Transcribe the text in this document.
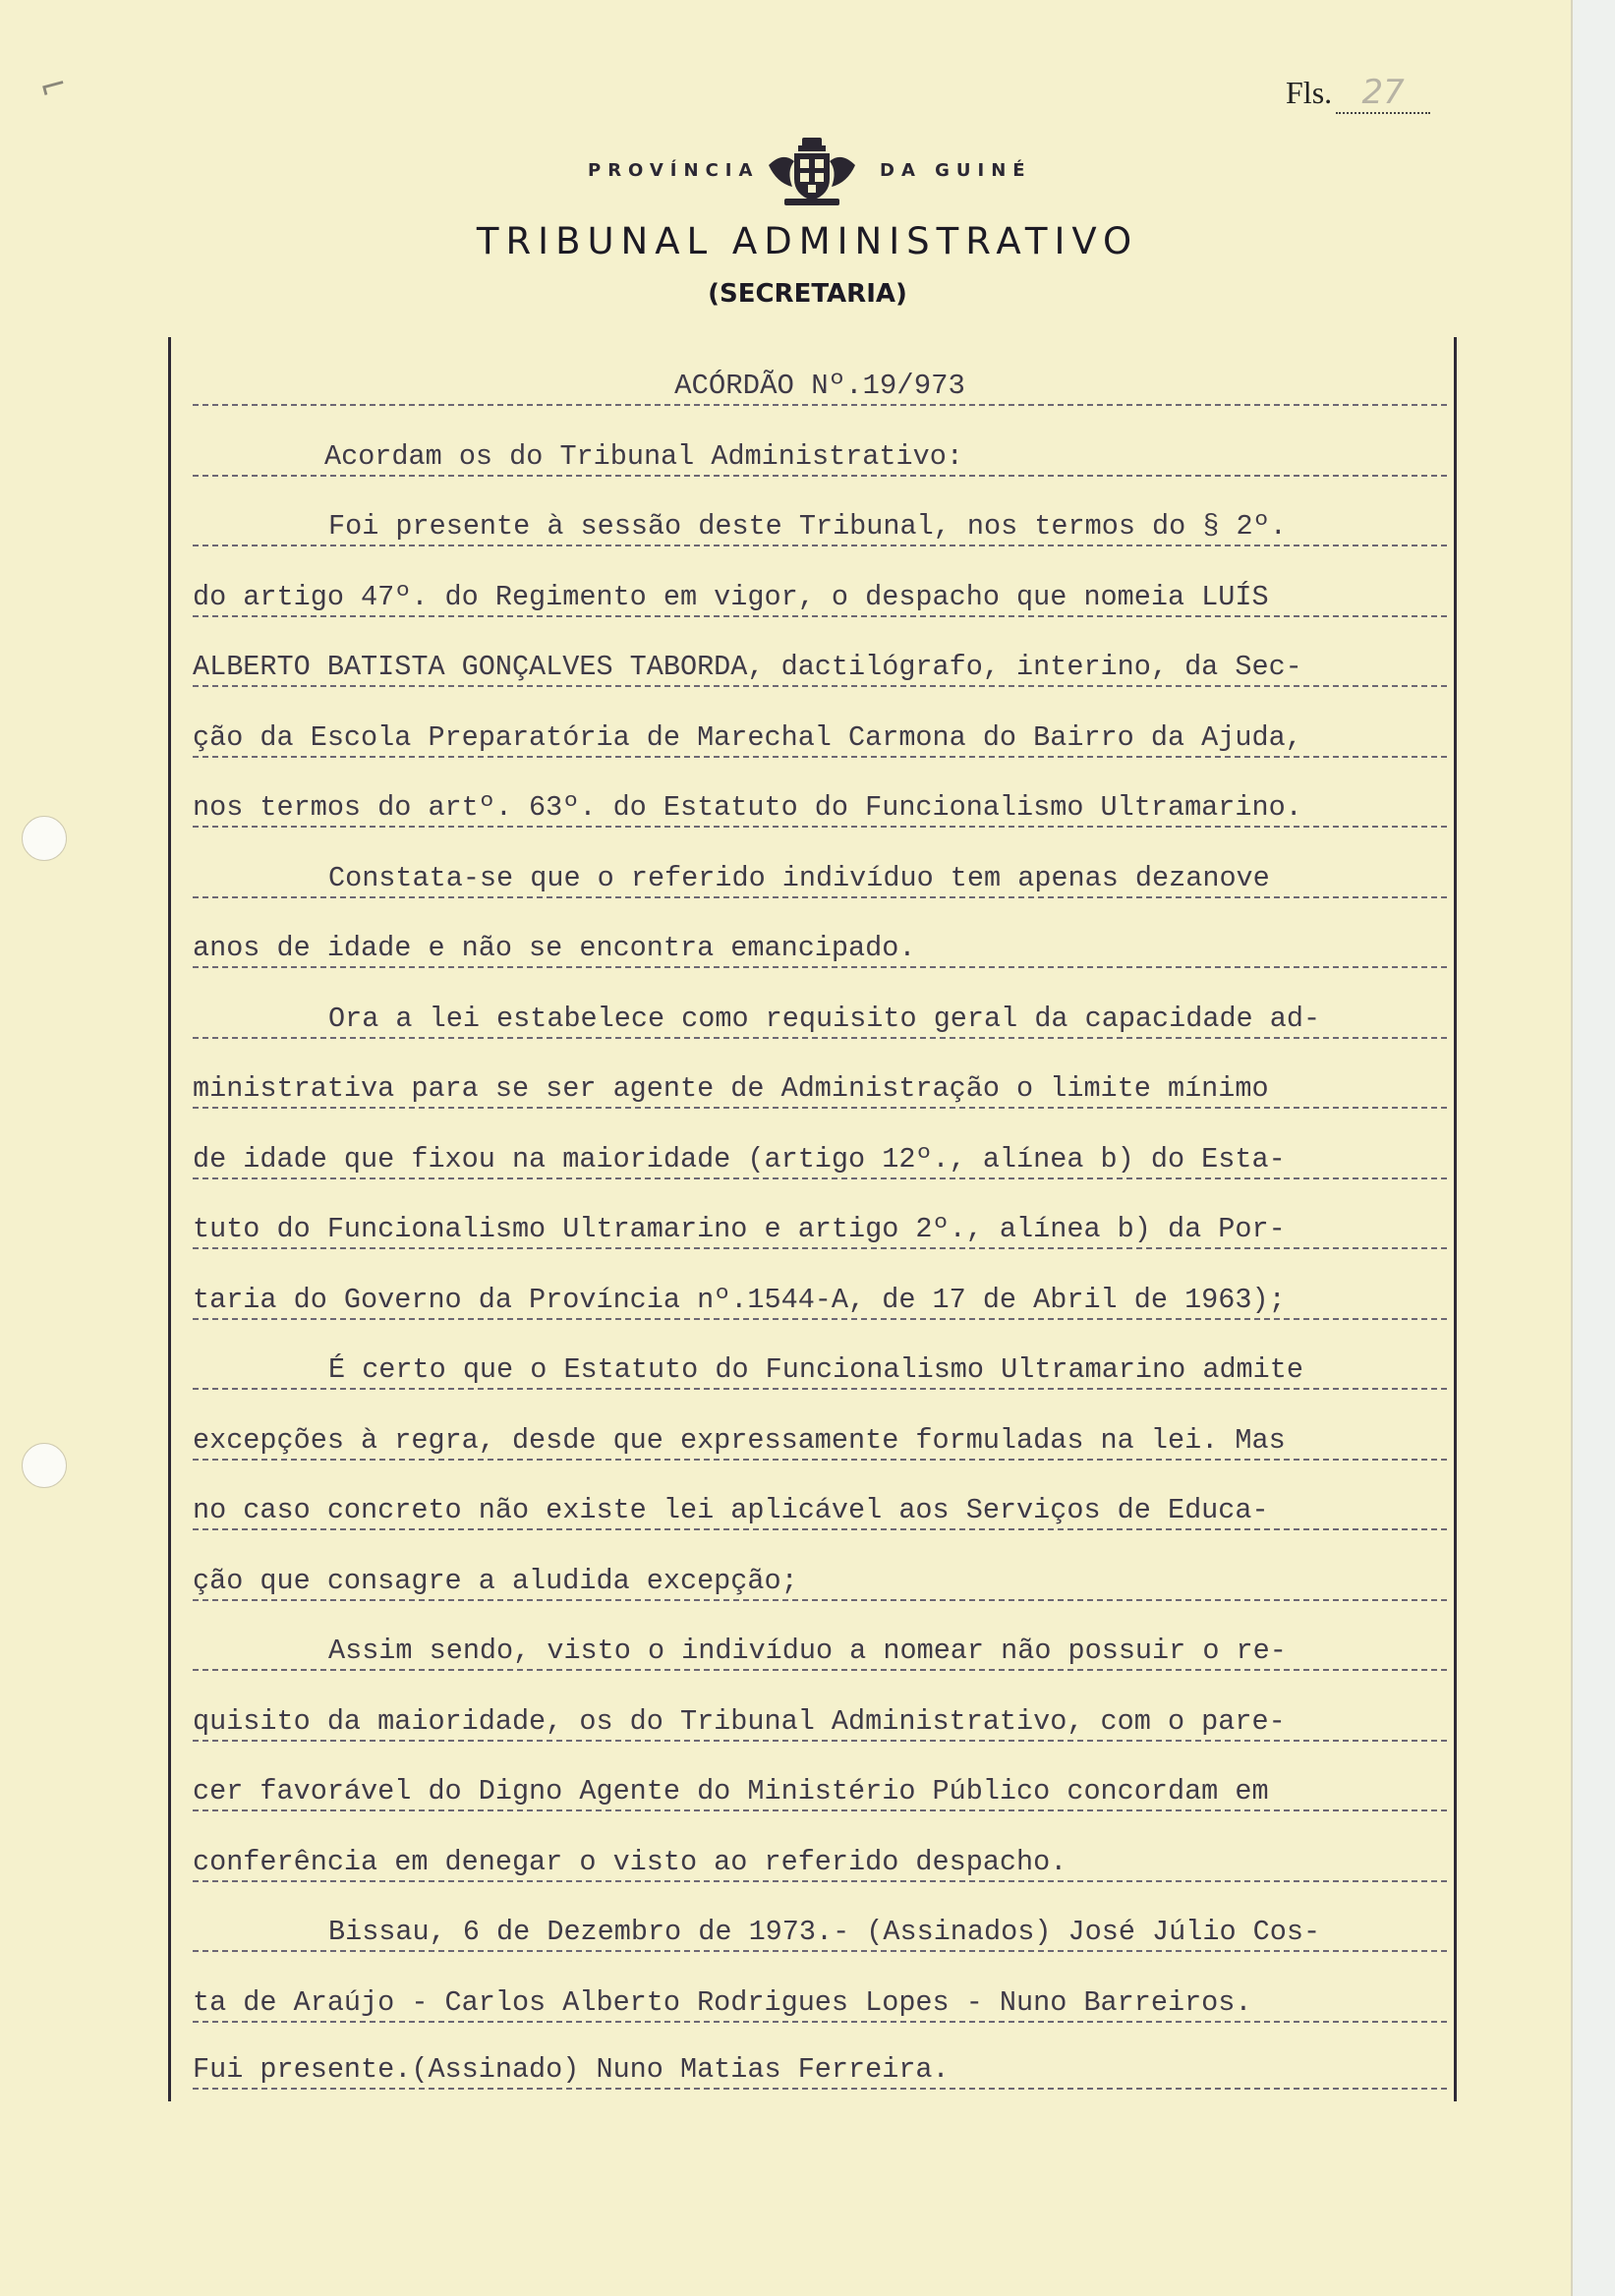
⌐	Fls. 27
PROVÍNCIA	DA GUINÉ
TRIBUNAL ADMINISTRATIVO
(SECRETARIA)
ACÓRDÃO Nº.19/973
Acordam os do Tribunal Administrativo:
Foi presente à sessão deste Tribunal, nos termos do § 2º.
do artigo 47º. do Regimento em vigor, o despacho que nomeia LUÍS
ALBERTO BATISTA GONÇALVES TABORDA, dactilógrafo, interino, da Sec-
ção da Escola Preparatória de Marechal Carmona do Bairro da Ajuda,
nos termos do artº. 63º. do Estatuto do Funcionalismo Ultramarino.
Constata-se que o referido indivíduo tem apenas dezanove
anos de idade e não se encontra emancipado.
Ora a lei estabelece como requisito geral da capacidade ad-
ministrativa para se ser agente de Administração o limite mínimo
de idade que fixou na maioridade (artigo 12º., alínea b) do Esta-
tuto do Funcionalismo Ultramarino e artigo 2º., alínea b) da Por-
taria do Governo da Província nº.1544-A, de 17 de Abril de 1963);
É certo que o Estatuto do Funcionalismo Ultramarino admite
excepções à regra, desde que expressamente formuladas na lei. Mas
no caso concreto não existe lei aplicável aos Serviços de Educa-
ção que consagre a aludida excepção;
Assim sendo, visto o indivíduo a nomear não possuir o re-
quisito da maioridade, os do Tribunal Administrativo, com o pare-
cer favorável do Digno Agente do Ministério Público concordam em
conferência em denegar o visto ao referido despacho.
Bissau, 6 de Dezembro de 1973.- (Assinados) José Júlio Cos-
ta de Araújo - Carlos Alberto Rodrigues Lopes - Nuno Barreiros.
Fui presente.(Assinado) Nuno Matias Ferreira.
